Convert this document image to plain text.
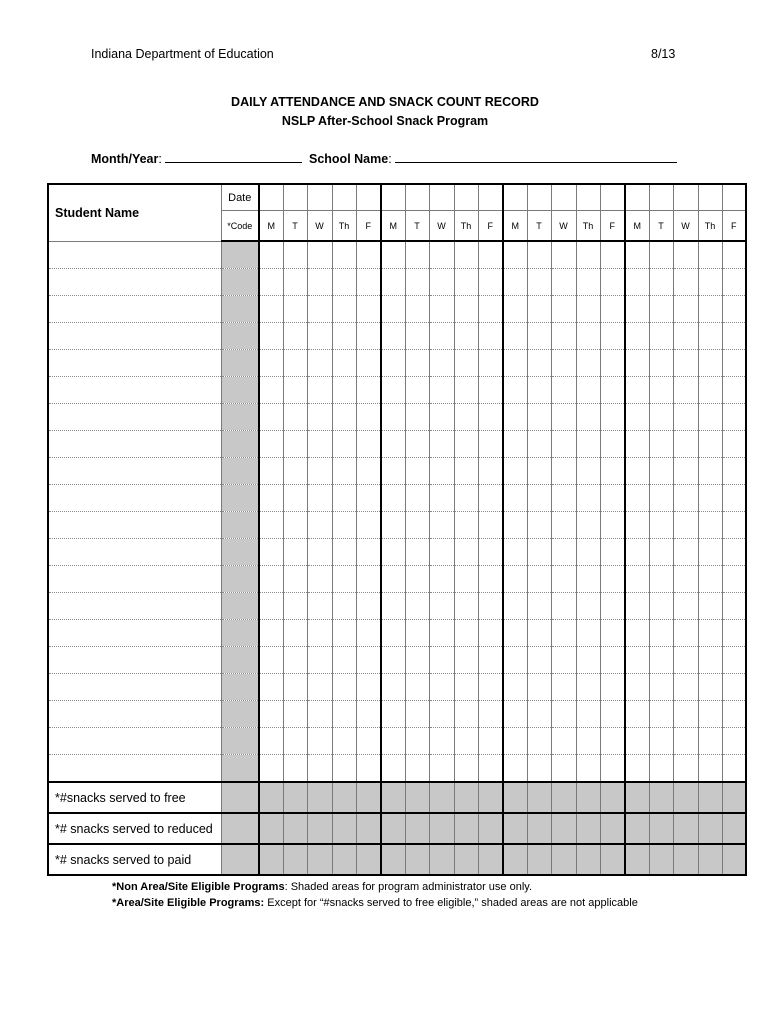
Indiana Department of Education	8/13
DAILY ATTENDANCE AND SNACK COUNT RECORD
NSLP After-School Snack Program
Month/Year:	School Name:
Student Name	Date																				
	*Code	M	T	W	Th	F	M	T	W	Th	F	M	T	W	Th	F	M	T	W	Th	F

*#snacks served to free																					
*# snacks served to reduced																					
*# snacks served to paid																					
*Non Area/Site Eligible Programs: Shaded areas for program administrator use only.
*Area/Site Eligible Programs: Except for “#snacks served to free eligible,” shaded areas are not applicable
